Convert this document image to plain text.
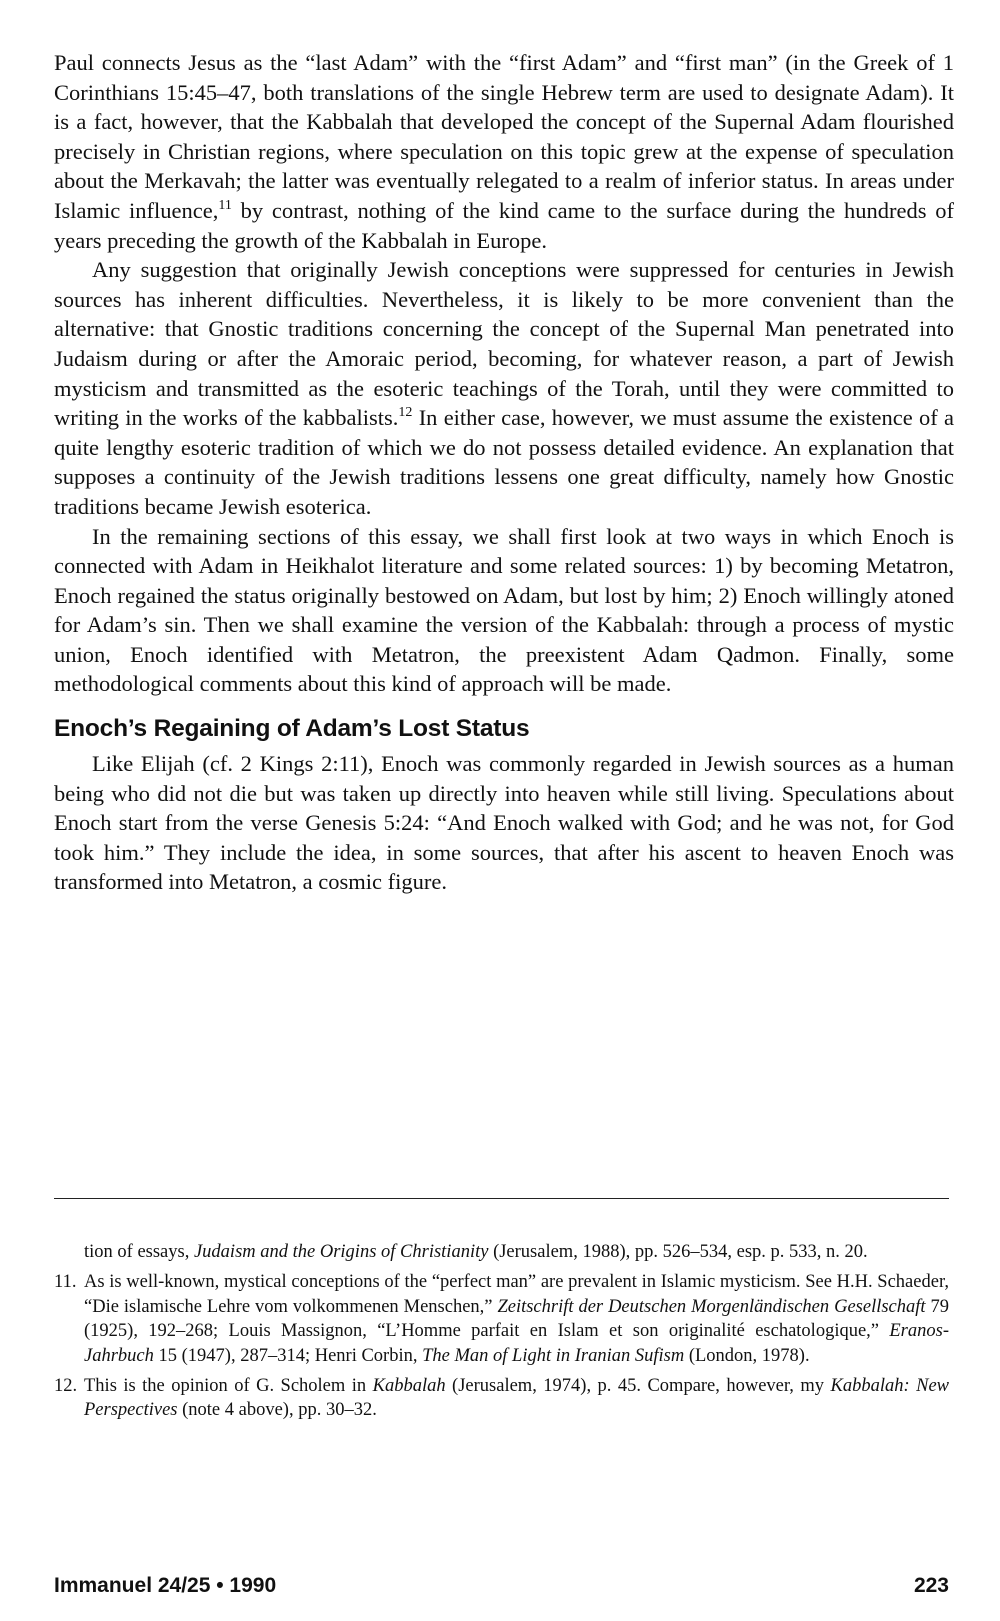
Paul connects Jesus as the “last Adam” with the “first Adam” and “first man” (in the Greek of 1 Corinthians 15:45–47, both translations of the single Hebrew term are used to designate Adam). It is a fact, however, that the Kabbalah that developed the concept of the Supernal Adam flourished precisely in Christian regions, where speculation on this topic grew at the expense of speculation about the Merkavah; the latter was eventually relegated to a realm of inferior status. In areas under Islamic influence,$^{11}$ by contrast, nothing of the kind came to the surface during the hundreds of years preceding the growth of the Kabbalah in Europe.

Any suggestion that originally Jewish conceptions were suppressed for centuries in Jewish sources has inherent difficulties. Nevertheless, it is likely to be more convenient than the alternative: that Gnostic traditions concerning the concept of the Supernal Man penetrated into Judaism during or after the Amoraic period, becoming, for whatever reason, a part of Jewish mysticism and transmitted as the esoteric teachings of the Torah, until they were committed to writing in the works of the kabbalists.$^{12}$ In either case, however, we must assume the existence of a quite lengthy esoteric tradition of which we do not possess detailed evidence. An explanation that supposes a continuity of the Jewish traditions lessens one great difficulty, namely how Gnostic traditions became Jewish esoterica.

In the remaining sections of this essay, we shall first look at two ways in which Enoch is connected with Adam in Heikhalot literature and some related sources: 1) by becoming Metatron, Enoch regained the status originally bestowed on Adam, but lost by him; 2) Enoch willingly atoned for Adam’s sin. Then we shall examine the version of the Kabbalah: through a process of mystic union, Enoch identified with Metatron, the preexistent Adam Qadmon. Finally, some methodological comments about this kind of approach will be made.

Enoch’s Regaining of Adam’s Lost Status

Like Elijah (cf. 2 Kings 2:11), Enoch was commonly regarded in Jewish sources as a human being who did not die but was taken up directly into heaven while still living. Speculations about Enoch start from the verse Genesis 5:24: “And Enoch walked with God; and he was not, for God took him.” They include the idea, in some sources, that after his ascent to heaven Enoch was transformed into Metatron, a cosmic figure.

tion of essays, Judaism and the Origins of Christianity (Jerusalem, 1988), pp. 526–534, esp. p. 533, n. 20.
11. As is well-known, mystical conceptions of the “perfect man” are prevalent in Islamic mysticism. See H.H. Schaeder, “Die islamische Lehre vom volkommenen Menschen,” Zeitschrift der Deutschen Morgenländischen Gesellschaft 79 (1925), 192–268; Louis Massignon, “L’Homme parfait en Islam et son originalité eschatologique,” Eranos-Jahrbuch 15 (1947), 287–314; Henri Corbin, The Man of Light in Iranian Sufism (London, 1978).
12. This is the opinion of G. Scholem in Kabbalah (Jerusalem, 1974), p. 45. Compare, however, my Kabbalah: New Perspectives (note 4 above), pp. 30–32.
Immanuel 24/25 • 1990	223
